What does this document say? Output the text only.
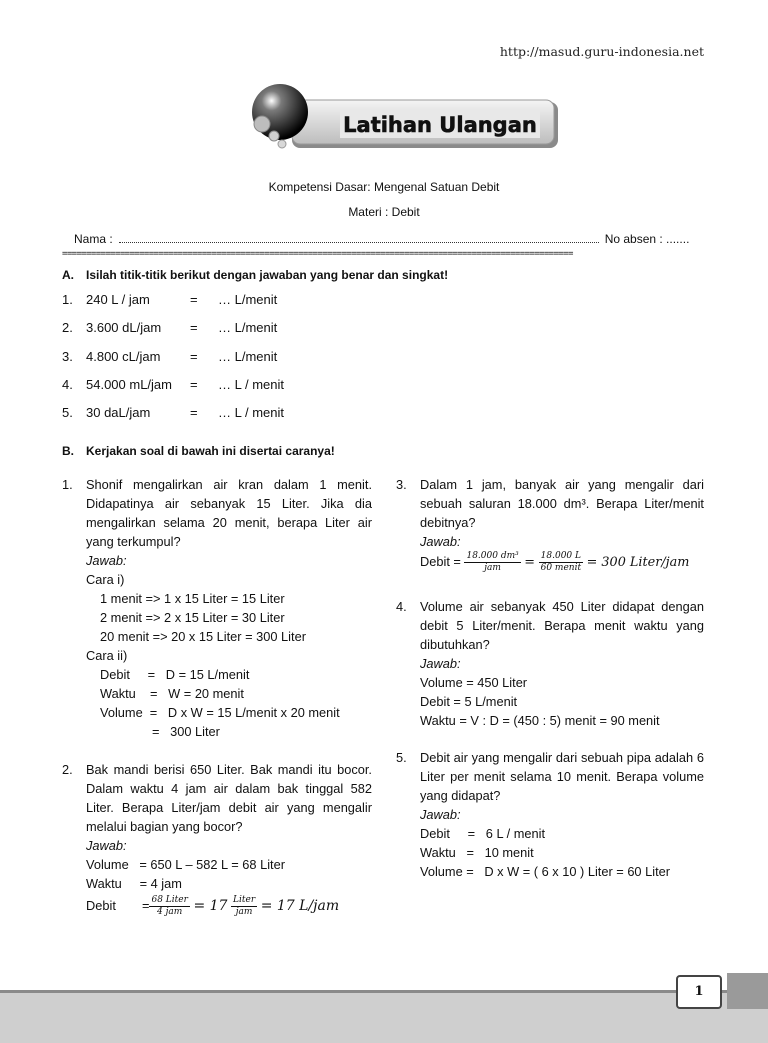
http://masud.guru-indonesia.net
Latihan Ulangan
Kompetensi Dasar: Mengenal Satuan Debit
Materi : Debit
Nama :	No absen : .......
==========================================================================================================
A. Isilah titik-titik berikut dengan jawaban yang benar dan singkat!
1. 240 L / jam	= … L/menit
2. 3.600 dL/jam = … L/menit
3. 4.800 cL/jam = … L/menit
4. 54.000 mL/jam = … L / menit
5. 30 daL/jam	= … L / menit
B. Kerjakan soal di bawah ini disertai caranya!
1. Shonif mengalirkan air kran dalam 1 menit. Didapatinya air sebanyak 15 Liter. Jika dia mengalirkan selama 20 menit, berapa Liter air yang terkumpul?
Jawab:
Cara i)
1 menit => 1 x 15 Liter = 15 Liter
2 menit => 2 x 15 Liter = 30 Liter
20 menit => 20 x 15 Liter = 300 Liter
Cara ii)
Debit     =   D = 15 L/menit
Waktu    =   W = 20 menit
Volume  =   D x W = 15 L/menit x 20 menit
=   300 Liter
2. Bak mandi berisi 650 Liter. Bak mandi itu bocor. Dalam waktu 4 jam air dalam bak tinggal 582 Liter. Berapa Liter/jam debit air yang mengalir melalui bagian yang bocor?
Jawab:
Volume   = 650 L – 582 L = 68 Liter
Waktu     = 4 jam
Debit = $\frac{\text{68 Liter}}{\text{4 jam}} = 17 \frac{\text{Liter}}{\text{jam}} = 17$ L/jam
3. Dalam 1 jam, banyak air yang mengalir dari sebuah saluran 18.000 dm³. Berapa Liter/menit debitnya?
Jawab:
Debit = $\frac{\text{18.000 dm³}}{\text{jam}} = \frac{18.000 L}{\text{60 menit}} = 300$ Liter/jam
4. Volume air sebanyak 450 Liter didapat dengan debit 5 Liter/menit. Berapa menit waktu yang dibutuhkan?
Jawab:
Volume = 450 Liter
Debit = 5 L/menit
Waktu = V : D = (450 : 5) menit = 90 menit
5. Debit air yang mengalir dari sebuah pipa adalah 6 Liter per menit selama 10 menit. Berapa volume yang didapat?
Jawab:
Debit     =   6 L / menit
Waktu   =   10 menit
Volume =   D x W = ( 6 x 10 ) Liter = 60 Liter
1
